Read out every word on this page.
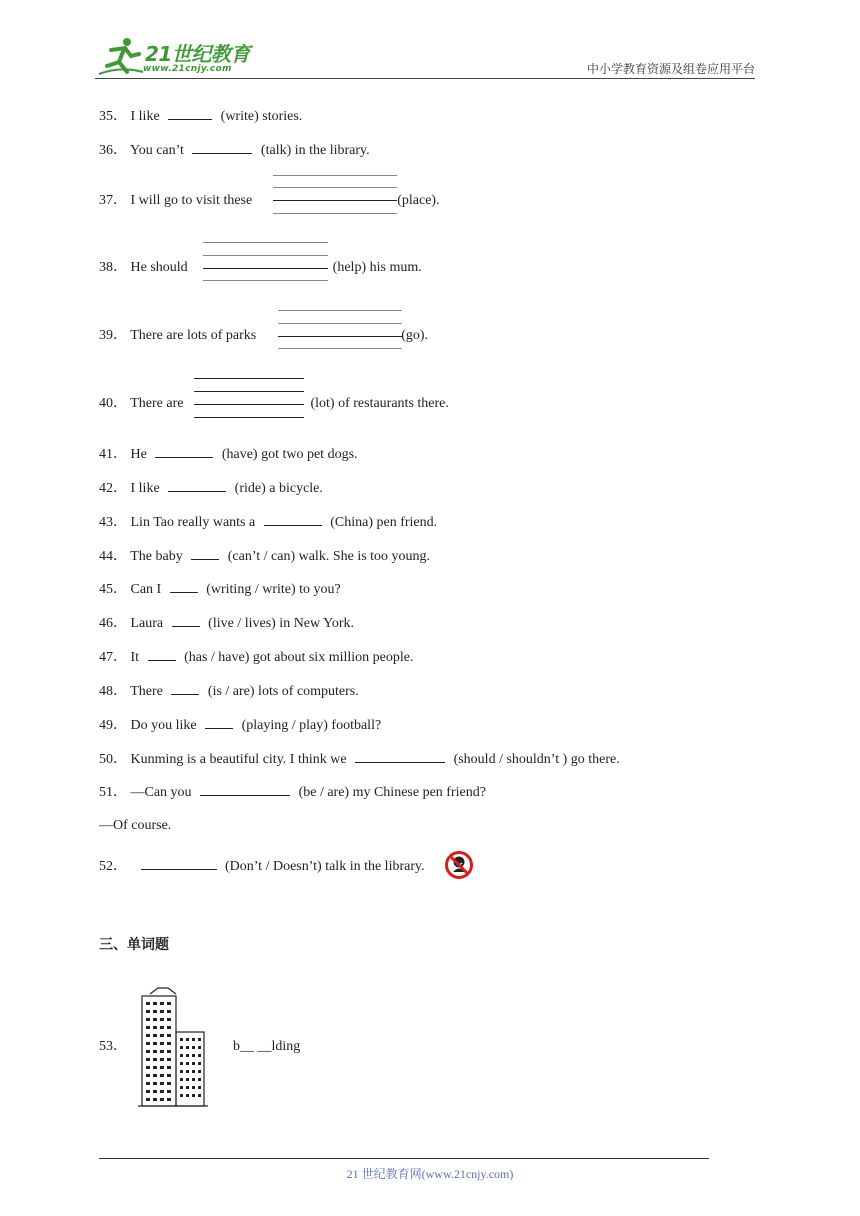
21世纪教育
www.21cnjy.com	中小学教育资源及组卷应用平台
35． I like	(write) stories.
36． You can’t	(talk) in the library.
37． I will go to visit these	(place).
38． He should	(help) his mum.
39． There are lots of parks	(go).
40． There are	(lot) of restaurants there.
41． He	(have) got two pet dogs.
42． I like	(ride) a bicycle.
43． Lin Tao really wants a	(China) pen friend.
44． The baby	(can’t / can) walk. She is too young.
45． Can I	(writing / write) to you?
46． Laura	(live / lives) in New York.
47． It	(has / have) got about six million people.
48． There	(is / are) lots of computers.
49． Do you like	(playing / play) football?
50． Kunming is a beautiful city. I think we	(should / shouldn’t ) go there.
51． —Can you	(be / are) my Chinese pen friend?
—Of course.
52．	(Don’t / Doesn’t) talk in the library.
三、单词题
53．	b__ __lding
21 世纪教育网(www.21cnjy.com)
